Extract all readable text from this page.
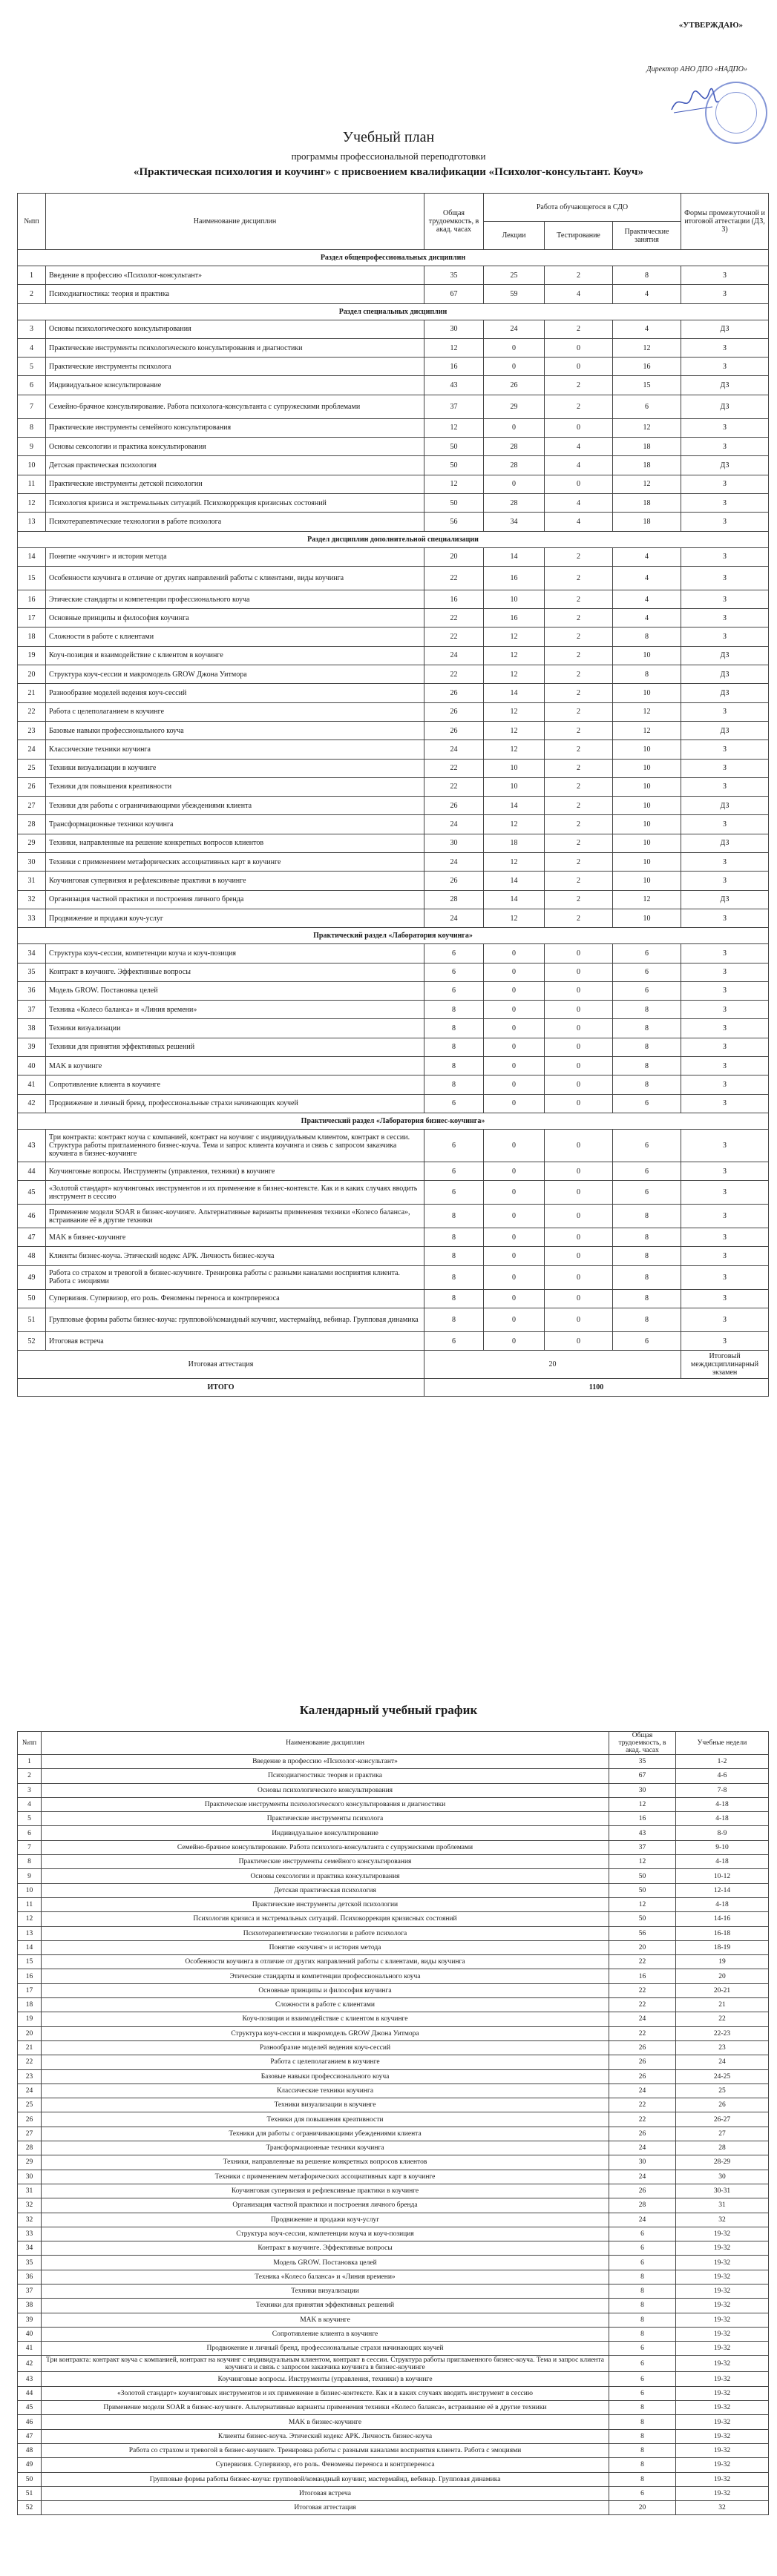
«УТВЕРЖДАЮ»
Директор АНО ДПО «НАДПО»
Учебный план
программы профессиональной переподготовки
«Практическая психология и коучинг» с присвоением квалификации «Психолог-консультант. Коуч»
№пп	Наименование дисциплин	Общая трудоемкость, в акад. часах	Работа обучающегося в СДО			Формы промежуточной и итоговой аттестации (ДЗ, З)
			Лекции	Тестирование	Практические занятия	
Раздел общепрофессиональных дисциплин						
1	Введение в профессию «Психолог-консультант»	35	25	2	8	З
2	Психодиагностика: теория и практика	67	59	4	4	З
Раздел специальных дисциплин						
3	Основы психологического консультирования	30	24	2	4	ДЗ
4	Практические инструменты психологического консультирования и диагностики	12	0	0	12	З
5	Практические инструменты психолога	16	0	0	16	З
6	Индивидуальное консультирование	43	26	2	15	ДЗ
7	Семейно-брачное консультирование. Работа психолога-консультанта с супружескими проблемами	37	29	2	6	ДЗ
8	Практические инструменты семейного консультирования	12	0	0	12	З
9	Основы сексологии и практика консультирования	50	28	4	18	З
10	Детская практическая психология	50	28	4	18	ДЗ
11	Практические инструменты детской психологии	12	0	0	12	З
12	Психология кризиса и экстремальных ситуаций. Психокоррекция кризисных состояний	50	28	4	18	З
13	Психотерапевтические технологии в работе психолога	56	34	4	18	З
Раздел дисциплин дополнительной специализации						
14	Понятие «коучинг» и история метода	20	14	2	4	З
15	Особенности коучинга в отличие от других направлений работы с клиентами, виды коучинга	22	16	2	4	З
16	Этические стандарты и компетенции профессионального коуча	16	10	2	4	З
17	Основные принципы и философия коучинга	22	16	2	4	З
18	Сложности в работе с клиентами	22	12	2	8	З
19	Коуч-позиция и взаимодействие с клиентом в коучинге	24	12	2	10	ДЗ
20	Структура коуч-сессии и макромодель GROW Джона Уитмора	22	12	2	8	ДЗ
21	Разнообразие моделей ведения коуч-сессий	26	14	2	10	ДЗ
22	Работа с целеполаганием в коучинге	26	12	2	12	З
23	Базовые навыки профессионального коуча	26	12	2	12	ДЗ
24	Классические техники коучинга	24	12	2	10	З
25	Техники визуализации в коучинге	22	10	2	10	З
26	Техники для повышения креативности	22	10	2	10	З
27	Техники для работы с ограничивающими убеждениями клиента	26	14	2	10	ДЗ
28	Трансформационные техники коучинга	24	12	2	10	З
29	Техники, направленные на решение конкретных вопросов клиентов	30	18	2	10	ДЗ
30	Техники с применением метафорических ассоциативных карт в коучинге	24	12	2	10	З
31	Коучинговая супервизия и рефлексивные практики в коучинге	26	14	2	10	З
32	Организация частной практики и построения личного бренда	28	14	2	12	ДЗ
33	Продвижение и продажи коуч-услуг	24	12	2	10	З
Практический раздел «Лаборатория коучинга»						
34	Структура коуч-сессии, компетенции коуча и коуч-позиция	6	0	0	6	З
35	Контракт в коучинге. Эффективные вопросы	6	0	0	6	З
36	Модель GROW. Постановка целей	6	0	0	6	З
37	Техника «Колесо баланса» и «Линия времени»	8	0	0	8	З
38	Техники визуализации	8	0	0	8	З
39	Техники для принятия эффективных решений	8	0	0	8	З
40	MAK в коучинге	8	0	0	8	З
41	Сопротивление клиента в коучинге	8	0	0	8	З
42	Продвижение и личный бренд, профессиональные страхи начинающих коучей	6	0	0	6	З
Практический раздел «Лаборатория бизнес-коучинга»						
43	Три контракта: контракт коуча с компанией, контракт на коучинг с индивидуальным клиентом, контракт в сессии. Структура работы пригламенного бизнес-коуча. Тема и запрос клиента коучинга и связь с запросом заказчика коучинга в бизнес-коучинге	6	0	0	6	З
44	Коучинговые вопросы. Инструменты (управления, техники) в коучинге	6	0	0	6	З
45	«Золотой стандарт» коучинговых инструментов и их применение в бизнес-контексте. Как и в каких случаях вводить инструмент в сессию	6	0	0	6	З
46	Применение модели SOAR в бизнес-коучинге. Альтернативные варианты применения техники «Колесо баланса», встраивание её в другие техники	8	0	0	8	З
47	MAK в бизнес-коучинге	8	0	0	8	З
48	Клиенты бизнес-коуча. Этический кодекс АРК. Личность бизнес-коуча	8	0	0	8	З
49	Работа со страхом и тревогой в бизнес-коучинге. Тренировка работы с разными каналами восприятия клиента. Работа с эмоциями	8	0	0	8	З
50	Супервизия. Супервизор, его роль. Феномены переноса и контрпереноса	8	0	0	8	З
51	Групповые формы работы бизнес-коуча: групповой/командный коучинг, мастермайнд, вебинар. Групповая динамика	8	0	0	8	З
52	Итоговая встреча	6	0	0	6	З
Итоговая аттестация		20				Итоговый междисциплинарный экзамен
ИТОГО		1100				
Календарный учебный график
№пп	Наименование дисциплин	Общая трудоемкость, в акад. часах	Учебные недели
1	Введение в профессию «Психолог-консультант»	35	1-2
2	Психодиагностика: теория и практика	67	4-6
3	Основы психологического консультирования	30	7-8
4	Практические инструменты психологического консультирования и диагностики	12	4-18
5	Практические инструменты психолога	16	4-18
6	Индивидуальное консультирование	43	8-9
7	Семейно-брачное консультирование. Работа психолога-консультанта с супружескими проблемами	37	9-10
8	Практические инструменты семейного консультирования	12	4-18
9	Основы сексологии и практика консультирования	50	10-12
10	Детская практическая психология	50	12-14
11	Практические инструменты детской психологии	12	4-18
12	Психология кризиса и экстремальных ситуаций. Психокоррекция кризисных состояний	50	14-16
13	Психотерапевтические технологии в работе психолога	56	16-18
14	Понятие «коучинг» и история метода	20	18-19
15	Особенности коучинга в отличие от других направлений работы с клиентами, виды коучинга	22	19
16	Этические стандарты и компетенции профессионального коуча	16	20
17	Основные принципы и философия коучинга	22	20-21
18	Сложности в работе с клиентами	22	21
19	Коуч-позиция и взаимодействие с клиентом в коучинге	24	22
20	Структура коуч-сессии и макромодель GROW Джона Уитмора	22	22-23
21	Разнообразие моделей ведения коуч-сессий	26	23
22	Работа с целеполаганием в коучинге	26	24
23	Базовые навыки профессионального коуча	26	24-25
24	Классические техники коучинга	24	25
25	Техники визуализации в коучинге	22	26
26	Техники для повышения креативности	22	26-27
27	Техники для работы с ограничивающими убеждениями клиента	26	27
28	Трансформационные техники коучинга	24	28
29	Техники, направленные на решение конкретных вопросов клиентов	30	28-29
30	Техники с применением метафорических ассоциативных карт в коучинге	24	30
31	Коучинговая супервизия и рефлексивные практики в коучинге	26	30-31
32	Организация частной практики и построения личного бренда	28	31
32	Продвижение и продажи коуч-услуг	24	32
33	Структура коуч-сессии, компетенции коуча и коуч-позиция	6	19-32
34	Контракт в коучинге. Эффективные вопросы	6	19-32
35	Модель GROW. Постановка целей	6	19-32
36	Техника «Колесо баланса» и «Линия времени»	8	19-32
37	Техники визуализации	8	19-32
38	Техники для принятия эффективных решений	8	19-32
39	MAK в коучинге	8	19-32
40	Сопротивление клиента в коучинге	8	19-32
41	Продвижение и личный бренд, профессиональные страхи начинающих коучей	6	19-32
42	Три контракта: контракт коуча с компанией, контракт на коучинг с индивидуальным клиентом, контракт в сессии. Структура работы пригламенного бизнес-коуча. Тема и запрос клиента коучинга и связь с запросом заказчика коучинга в бизнес-коучинге	6	19-32
43	Коучинговые вопросы. Инструменты (управления, техники) в коучинге	6	19-32
44	«Золотой стандарт» коучинговых инструментов и их применение в бизнес-контексте. Как и в каких случаях вводить инструмент в сессию	6	19-32
45	Применение модели SOAR в бизнес-коучинге. Альтернативные варианты применения техники «Колесо баланса», встраивание её в другие техники	8	19-32
46	MAK в бизнес-коучинге	8	19-32
47	Клиенты бизнес-коуча. Этический кодекс АРК. Личность бизнес-коуча	8	19-32
48	Работа со страхом и тревогой в бизнес-коучинге. Тренировка работы с разными каналами восприятия клиента. Работа с эмоциями	8	19-32
49	Супервизия. Супервизор, его роль. Феномены переноса и контрпереноса	8	19-32
50	Групповые формы работы бизнес-коуча: групповой/командный коучинг, мастермайнд, вебинар. Групповая динамика	8	19-32
51	Итоговая встреча	6	19-32
52	Итоговая аттестация	20	32
